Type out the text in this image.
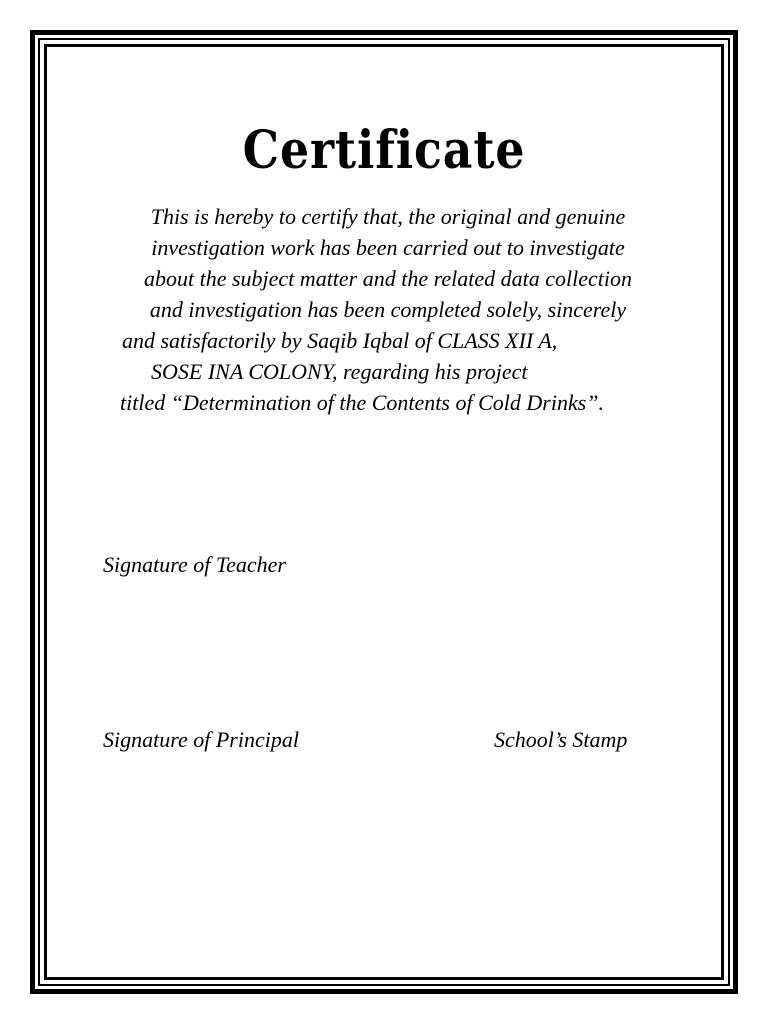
Certificate
This is hereby to certify that, the original and genuine
investigation work has been carried out to investigate
about the subject matter and the related data collection
and investigation has been completed solely, sincerely
and satisfactorily by Saqib Iqbal of CLASS XII A,
SOSE INA COLONY, regarding his project
titled “Determination of the Contents of Cold Drinks”.
Signature of Teacher
Signature of Principal	School’s Stamp
